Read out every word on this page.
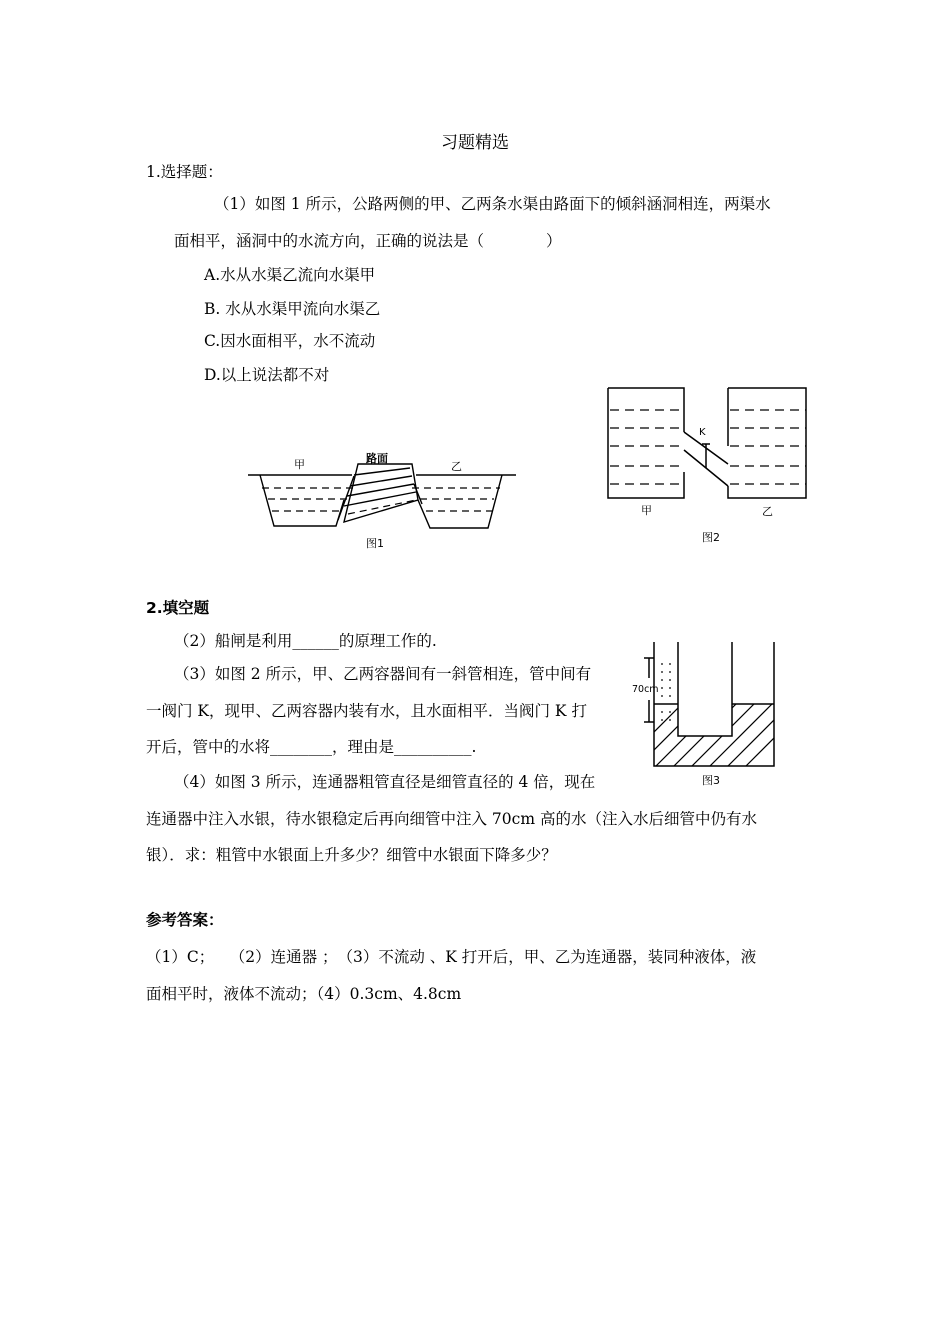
习题精选
1.选择题：
（1）如图 1 所示，公路两侧的甲、乙两条水渠由路面下的倾斜涵洞相连，两渠水
面相平，涵洞中的水流方向，正确的说法是（　　　　）
A.水从水渠乙流向水渠甲
B. 水从水渠甲流向水渠乙
C.因水面相平，水不流动
D.以上说法都不对
甲	路面
乙
图1
K
甲	乙
图2
2.填空题
（2）船闸是利用______的原理工作的.
（3）如图 2 所示，甲、乙两容器间有一斜管相连，管中间有
一阀门 K，现甲、乙两容器内装有水，且水面相平．当阀门 K 打
开后，管中的水将________，理由是__________.
（4）如图 3 所示，连通器粗管直径是细管直径的 4 倍，现在
连通器中注入水银，待水银稳定后再向细管中注入 70cm 高的水（注入水后细管中仍有水
银）．求：粗管中水银面上升多少？细管中水银面下降多少？
70cm
图3
参考答案：
（1）C；　　（2）连通器 ；　（3）不流动 、K 打开后，甲、乙为连通器，装同种液体，液
面相平时，液体不流动；（4）0.3cm、4.8cm
